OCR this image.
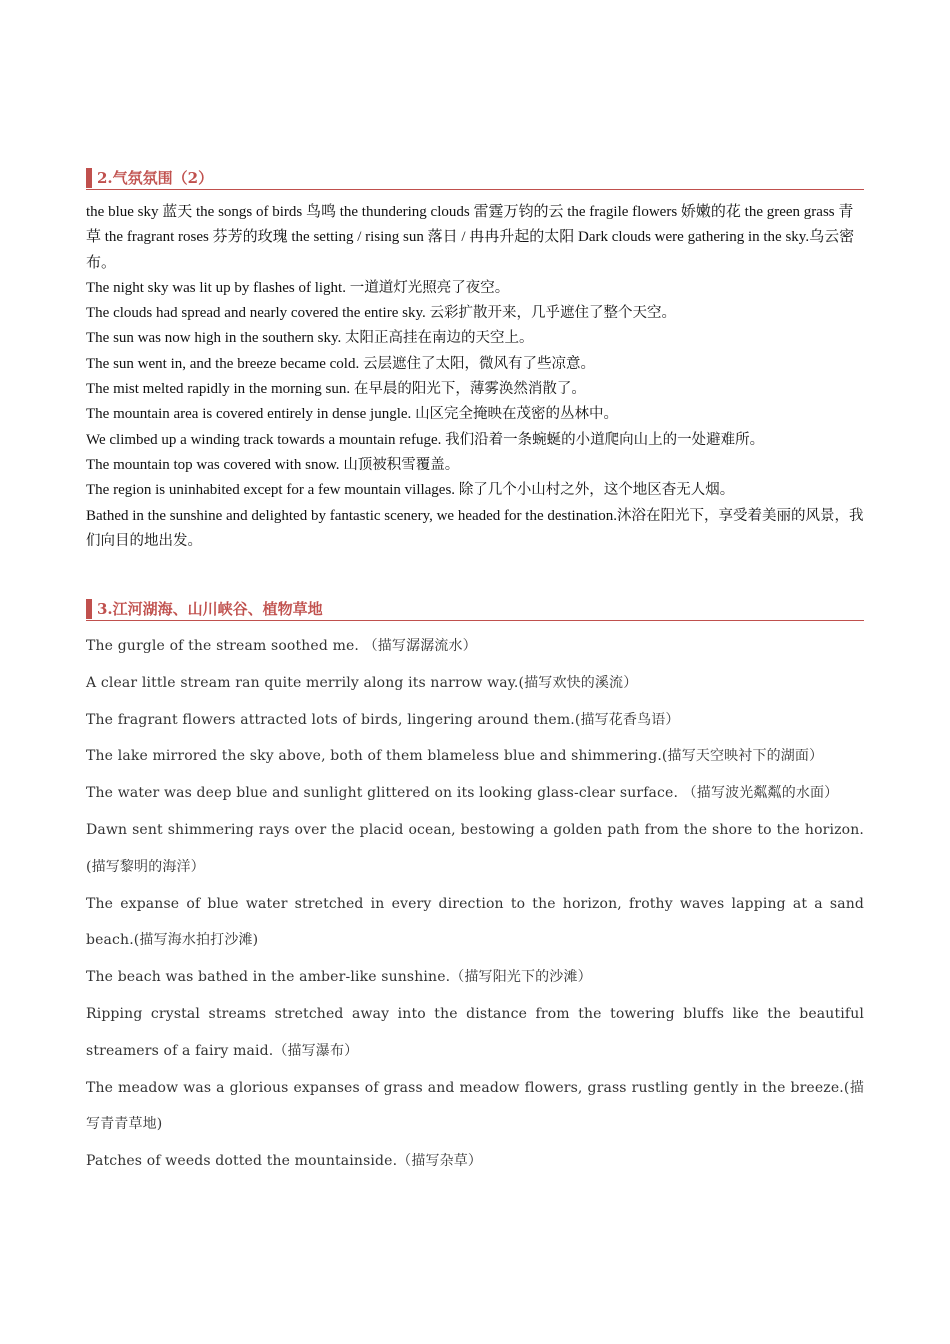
2.气氛氛围（2）

the blue sky 蓝天 the songs of birds 鸟鸣 the thundering clouds 雷霆万钧的云 the fragile flowers 娇嫩的花 the green grass 青草 the fragrant roses 芬芳的玫瑰 the setting / rising sun 落日 / 冉冉升起的太阳 Dark clouds were gathering in the sky.乌云密布。

The night sky was lit up by flashes of light. 一道道灯光照亮了夜空。

The clouds had spread and nearly covered the entire sky. 云彩扩散开来，几乎遮住了整个天空。

The sun was now high in the southern sky. 太阳正高挂在南边的天空上。

The sun went in, and the breeze became cold. 云层遮住了太阳，微风有了些凉意。

The mist melted rapidly in the morning sun. 在早晨的阳光下，薄雾涣然消散了。

The mountain area is covered entirely in dense jungle. 山区完全掩映在茂密的丛林中。

We climbed up a winding track towards a mountain refuge. 我们沿着一条蜿蜒的小道爬向山上的一处避难所。

The mountain top was covered with snow. 山顶被积雪覆盖。

The region is uninhabited except for a few mountain villages. 除了几个小山村之外，这个地区杳无人烟。

Bathed in the sunshine and delighted by fantastic scenery, we headed for the destination.沐浴在阳光下，享受着美丽的风景，我们向目的地出发。

3.江河湖海、山川峡谷、植物草地

The gurgle of the stream soothed me. （描写潺潺流水）

A clear little stream ran quite merrily along its narrow way.(描写欢快的溪流）

The fragrant flowers attracted lots of birds, lingering around them.(描写花香鸟语）

The lake mirrored the sky above, both of them blameless blue and shimmering.(描写天空映衬下的湖面）

The water was deep blue and sunlight glittered on its looking glass-clear surface. （描写波光粼粼的水面）

Dawn sent shimmering rays over the placid ocean, bestowing a golden path from the shore to the horizon.(描写黎明的海洋）

The expanse of blue water stretched in every direction to the horizon, frothy waves lapping at a sand beach.(描写海水拍打沙滩)

The beach was bathed in the amber-like sunshine.（描写阳光下的沙滩）

Ripping crystal streams stretched away into the distance from the towering bluffs like the beautiful streamers of a fairy maid.（描写瀑布）

The meadow was a glorious expanses of grass and meadow flowers, grass rustling gently in the breeze.(描写青青草地)

Patches of weeds dotted the mountainside.（描写杂草）
